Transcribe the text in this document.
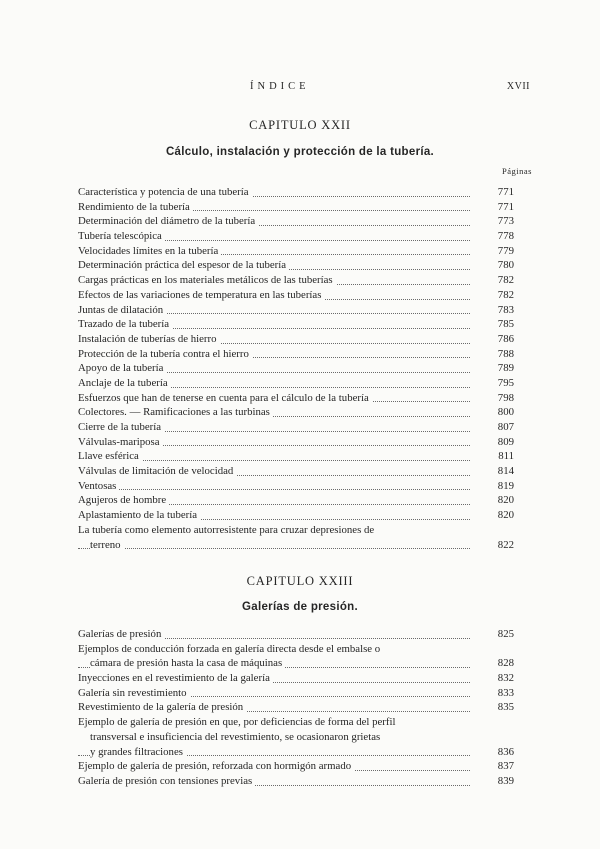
ÍNDICE	XVII
CAPITULO XXII
Cálculo, instalación y protección de la tubería.
Páginas
Característica y potencia de una tubería	771
Rendimiento de la tubería	771
Determinación del diámetro de la tubería	773
Tubería telescópica	778
Velocidades límites en la tubería	779
Determinación práctica del espesor de la tubería	780
Cargas prácticas en los materiales metálicos de las tuberías	782
Efectos de las variaciones de temperatura en las tuberías	782
Juntas de dilatación	783
Trazado de la tubería	785
Instalación de tuberías de hierro	786
Protección de la tubería contra el hierro	788
Apoyo de la tubería	789
Anclaje de la tubería	795
Esfuerzos que han de tenerse en cuenta para el cálculo de la tubería	798
Colectores. — Ramificaciones a las turbinas	800
Cierre de la tubería	807
Válvulas-mariposa	809
Llave esférica	811
Válvulas de limitación de velocidad	814
Ventosas	819
Agujeros de hombre	820
Aplastamiento de la tubería	820
La tubería como elemento autorresistente para cruzar depresiones de
terreno	822
CAPITULO XXIII
Galerías de presión.
Galerías de presión	825
Ejemplos de conducción forzada en galería directa desde el embalse o
cámara de presión hasta la casa de máquinas	828
Inyecciones en el revestimiento de la galería	832
Galería sin revestimiento	833
Revestimiento de la galería de presión	835
Ejemplo de galería de presión en que, por deficiencias de forma del perfil
transversal e insuficiencia del revestimiento, se ocasionaron grietas
y grandes filtraciones	836
Ejemplo de galería de presión, reforzada con hormigón armado	837
Galería de presión con tensiones previas	839
